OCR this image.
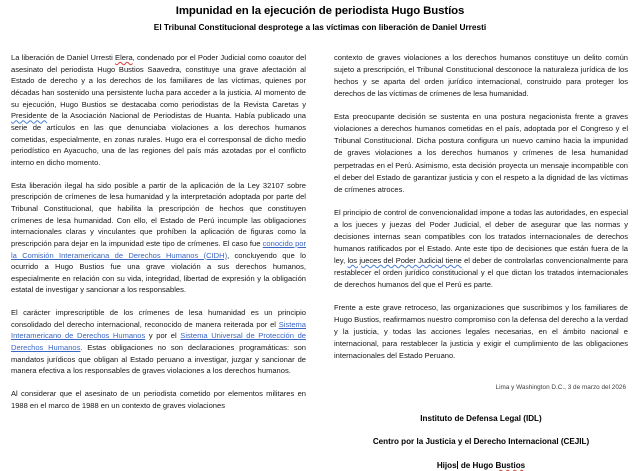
Impunidad en la ejecución de periodista Hugo Bustíos
El Tribunal Constitucional desprotege a las víctimas con liberación de Daniel Urresti

La liberación de Daniel Urresti Elera, condenado por el Poder Judicial como coautor del asesinato del periodista Hugo Bustios Saavedra, constituye una grave afectación al Estado de derecho y a los derechos de los familiares de las víctimas, quienes por décadas han sostenido una persistente lucha para acceder a la justicia. Al momento de su ejecución, Hugo Bustios se destacaba como periodistas de la Revista Caretas y Presidente de la Asociación Nacional de Periodistas de Huanta. Había publicado una serie de artículos en las que denunciaba violaciones a los derechos humanos cometidas, especialmente, en zonas rurales. Hugo era el corresponsal de dicho medio periodístico en Ayacucho, una de las regiones del país más azotadas por el conflicto interno en dicho momento.

Esta liberación ilegal ha sido posible a partir de la aplicación de la Ley 32107 sobre prescripción de crímenes de lesa humanidad y la interpretación adoptada por parte del Tribunal Constitucional, que habilita la prescripción de hechos que constituyen crímenes de lesa humanidad. Con ello, el Estado de Perú incumple las obligaciones internacionales claras y vinculantes que prohíben la aplicación de figuras como la prescripción para dejar en la impunidad este tipo de crímenes. El caso fue conocido por la Comisión Interamericana de Derechos Humanos (CIDH), concluyendo que lo ocurrido a Hugo Bustios fue una grave violación a sus derechos humanos, especialmente en relación con su vida, integridad, libertad de expresión y la obligación estatal de investigar y sancionar a los responsables.

El carácter imprescriptible de los crímenes de lesa humanidad es un principio consolidado del derecho internacional, reconocido de manera reiterada por el Sistema Interamericano de Derechos Humanos y por el Sistema Universal de Protección de Derechos Humanos. Estas obligaciones no son declaraciones programáticas: son mandatos jurídicos que obligan al Estado peruano a investigar, juzgar y sancionar de manera efectiva a los responsables de graves violaciones a los derechos humanos.

Al considerar que el asesinato de un periodista cometido por elementos militares en 1988 en el marco de 1988 en un contexto de graves violaciones

contexto de graves violaciones a los derechos humanos constituye un delito común sujeto a prescripción, el Tribunal Constitucional desconoce la naturaleza jurídica de los hechos y se aparta del orden jurídico internacional, construido para proteger los derechos de las víctimas de crímenes de lesa humanidad.

Esta preocupante decisión se sustenta en una postura negacionista frente a graves violaciones a derechos humanos cometidas en el país, adoptada por el Congreso y el Tribunal Constitucional. Dicha postura configura un nuevo camino hacia la impunidad de graves violaciones a los derechos humanos y crímenes de lesa humanidad perpetradas en el Perú. Asimismo, esta decisión proyecta un mensaje incompatible con el deber del Estado de garantizar justicia y con el respeto a la dignidad de las víctimas de crímenes atroces.

El principio de control de convencionalidad impone a todas las autoridades, en especial a los jueces y juezas del Poder Judicial, el deber de asegurar que las normas y decisiones internas sean compatibles con los tratados internacionales de derechos humanos ratificados por el Estado. Ante este tipo de decisiones que están fuera de la ley, los jueces del Poder Judicial tiene el deber de controlarlas convencionalmente para restablecer el orden jurídico constitucional y el que dictan los tratados internacionales de derechos humanos del que el Perú es parte.

Frente a este grave retroceso, las organizaciones que suscribimos y los familiares de Hugo Bustios, reafirmamos nuestro compromiso con la defensa del derecho a la verdad y la justicia, y todas las acciones legales necesarias, en el ámbito nacional e internacional, para restablecer la justicia y exigir el cumplimiento de las obligaciones internacionales del Estado Peruano.

Lima y Washington D.C., 3 de marzo del 2026
Instituto de Defensa Legal (IDL)
Centro por la Justicia y el Derecho Internacional (CEJIL)
Hijos de Hugo Bustios
